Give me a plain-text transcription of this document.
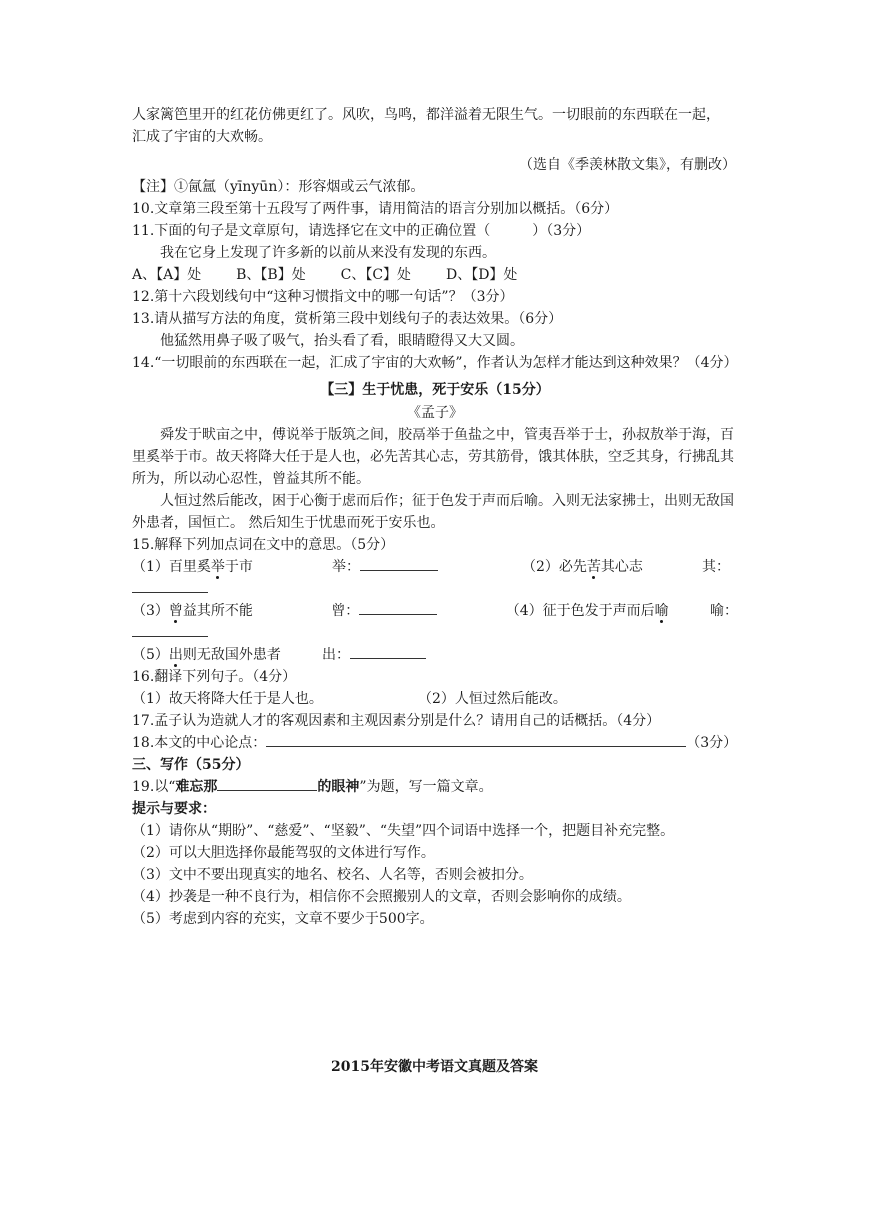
人家篱笆里开的红花仿佛更红了。风吹，鸟鸣，都洋溢着无限生气。一切眼前的东西联在一起，
汇成了宇宙的大欢畅。
（选自《季羡林散文集》，有删改）
【注】①氤氲（yīnyūn）：形容烟或云气浓郁。
10.文章第三段至第十五段写了两件事，请用简洁的语言分别加以概括。（6分）
11.下面的句子是文章原句，请选择它在文中的正确位置（　　　）（3分）
我在它身上发现了许多新的以前从来没有发现的东西。
A、【A】处 B、【B】处 C、【C】处 D、【D】处
12.第十六段划线句中“这种习惯指文中的哪一句话”？（3分）
13.请从描写方法的角度，赏析第三段中划线句子的表达效果。（6分）
他猛然用鼻子吸了吸气，抬头看了看，眼睛瞪得又大又圆。
14.“一切眼前的东西联在一起，汇成了宇宙的大欢畅”，作者认为怎样才能达到这种效果？（4分）
【三】生于忧患，死于安乐（15分）
《孟子》
舜发于畎亩之中，傅说举于版筑之间，胶鬲举于鱼盐之中，管夷吾举于士，孙叔敖举于海，百里奚举于市。故天将降大任于是人也，必先苦其心志，劳其筋骨，饿其体肤，空乏其身，行拂乱其所为，所以动心忍性，曾益其所不能。
人恒过然后能改，困于心衡于虑而后作；征于色发于声而后喻。入则无法家拂士，出则无敌国外患者，国恒亡。 然后知生于忧患而死于安乐也。
15.解释下列加点词在文中的意思。（5分）
（1）百里奚举于市	举：	（2）必先苦其心志	其：
（3）曾益其所不能	曾：	（4）征于色发于声而后喻	喻：
（5）出则无敌国外患者	出：
16.翻译下列句子。（4分）
（1）故天将降大任于是人也。	（2）人恒过然后能改。
17.孟子认为造就人才的客观因素和主观因素分别是什么？请用自己的话概括。（4分）
18.本文的中心论点：	（3分）
三、写作（55分）
19.以“难忘那	的眼神”为题，写一篇文章。
提示与要求：
（1）请你从“期盼”、“慈爱”、“坚毅”、“失望”四个词语中选择一个，把题目补充完整。
（2）可以大胆选择你最能驾驭的文体进行写作。
（3）文中不要出现真实的地名、校名、人名等，否则会被扣分。
（4）抄袭是一种不良行为，相信你不会照搬别人的文章，否则会影响你的成绩。
（5）考虑到内容的充实，文章不要少于500字。
2015年安徽中考语文真题及答案
